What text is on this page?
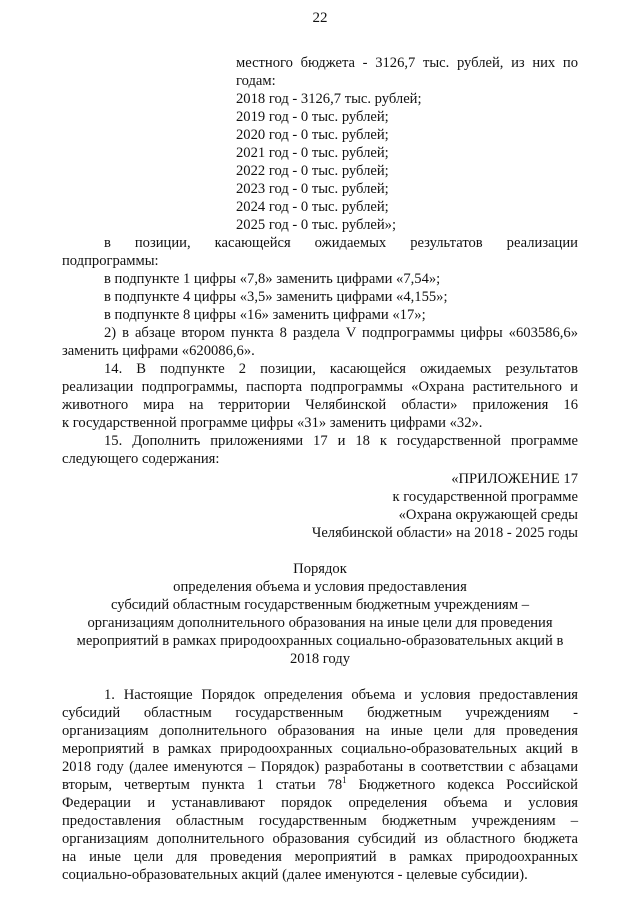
22
местного бюджета - 3126,7 тыс. рублей, из них по
годам:
2018 год - 3126,7 тыс. рублей;
2019 год - 0 тыс. рублей;
2020 год - 0 тыс. рублей;
2021 год - 0 тыс. рублей;
2022 год - 0 тыс. рублей;
2023 год - 0 тыс. рублей;
2024 год - 0 тыс. рублей;
2025 год - 0 тыс. рублей»;
в позиции, касающейся ожидаемых результатов реализации
подпрограммы:
в подпункте 1 цифры «7,8» заменить цифрами «7,54»;
в подпункте 4 цифры «3,5» заменить цифрами «4,155»;
в подпункте 8 цифры «16» заменить цифрами «17»;
2) в абзаце втором пункта 8 раздела V подпрограммы цифры «603586,6»
заменить цифрами «620086,6».
14. В подпункте 2 позиции, касающейся ожидаемых результатов
реализации подпрограммы, паспорта подпрограммы «Охрана растительного и
животного мира на территории Челябинской области» приложения 16
к государственной программе цифры «31» заменить цифрами «32».
15. Дополнить приложениями 17 и 18 к государственной программе
следующего содержания:
«ПРИЛОЖЕНИЕ 17
к государственной программе
«Охрана окружающей среды
Челябинской области» на 2018 - 2025 годы
Порядок
определения объема и условия предоставления
субсидий областным государственным бюджетным учреждениям –
организациям дополнительного образования на иные цели для проведения
мероприятий в рамках природоохранных социально-образовательных акций в
2018 году
1. Настоящие Порядок определения объема и условия предоставления
субсидий областным государственным бюджетным учреждениям -
организациям дополнительного образования на иные цели для проведения
мероприятий в рамках природоохранных социально-образовательных акций в
2018 году (далее именуются – Порядок) разработаны в соответствии с абзацами
вторым, четвертым пункта 1 статьи $78^1$ Бюджетного кодекса Российской
Федерации и устанавливают порядок определения объема и условия
предоставления областным государственным бюджетным учреждениям –
организациям дополнительного образования субсидий из областного бюджета
на иные цели для проведения мероприятий в рамках природоохранных
социально-образовательных акций (далее именуются - целевые субсидии).
